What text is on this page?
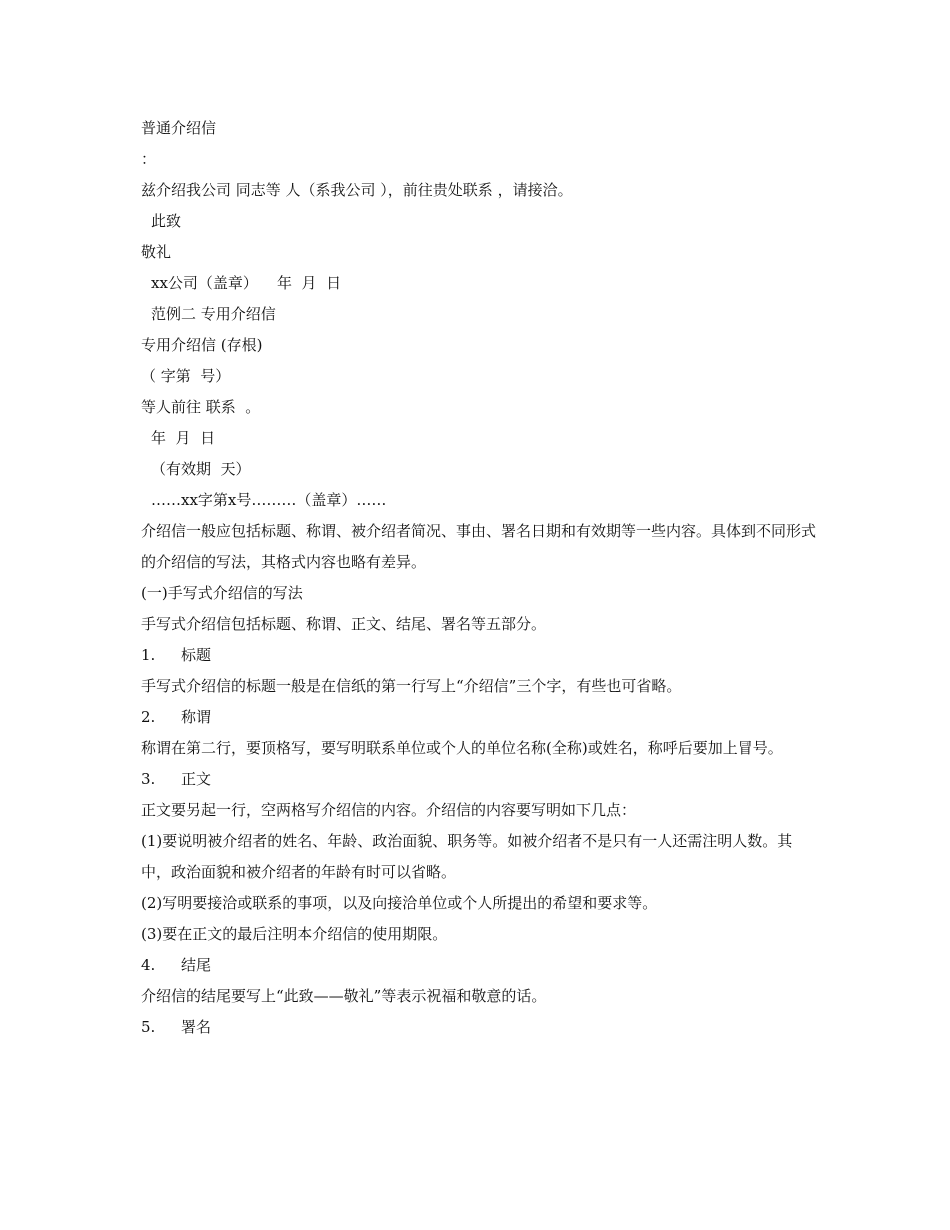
普通介绍信

：

兹介绍我公司 同志等 人（系我公司 ），前往贵处联系 ，请接洽。

此致

敬礼

xx公司（盖章）    年  月  日

范例二 专用介绍信

专用介绍信 (存根)

（ 字第  号）

等人前往 联系  。

年  月  日

（有效期  天）

……xx字第x号………（盖章）……

介绍信一般应包括标题、称谓、被介绍者简况、事由、署名日期和有效期等一些内容。具体到不同形式的介绍信的写法，其格式内容也略有差异。

(一)手写式介绍信的写法

手写式介绍信包括标题、称谓、正文、结尾、署名等五部分。

1. 标题

手写式介绍信的标题一般是在信纸的第一行写上“介绍信”三个字，有些也可省略。

2. 称谓

称谓在第二行，要顶格写，要写明联系单位或个人的单位名称(全称)或姓名，称呼后要加上冒号。

3. 正文

正文要另起一行，空两格写介绍信的内容。介绍信的内容要写明如下几点：

(1)要说明被介绍者的姓名、年龄、政治面貌、职务等。如被介绍者不是只有一人还需注明人数。其中，政治面貌和被介绍者的年龄有时可以省略。

(2)写明要接洽或联系的事项，以及向接洽单位或个人所提出的希望和要求等。

(3)要在正文的最后注明本介绍信的使用期限。

4. 结尾

介绍信的结尾要写上“此致——敬礼”等表示祝福和敬意的话。

5. 署名
